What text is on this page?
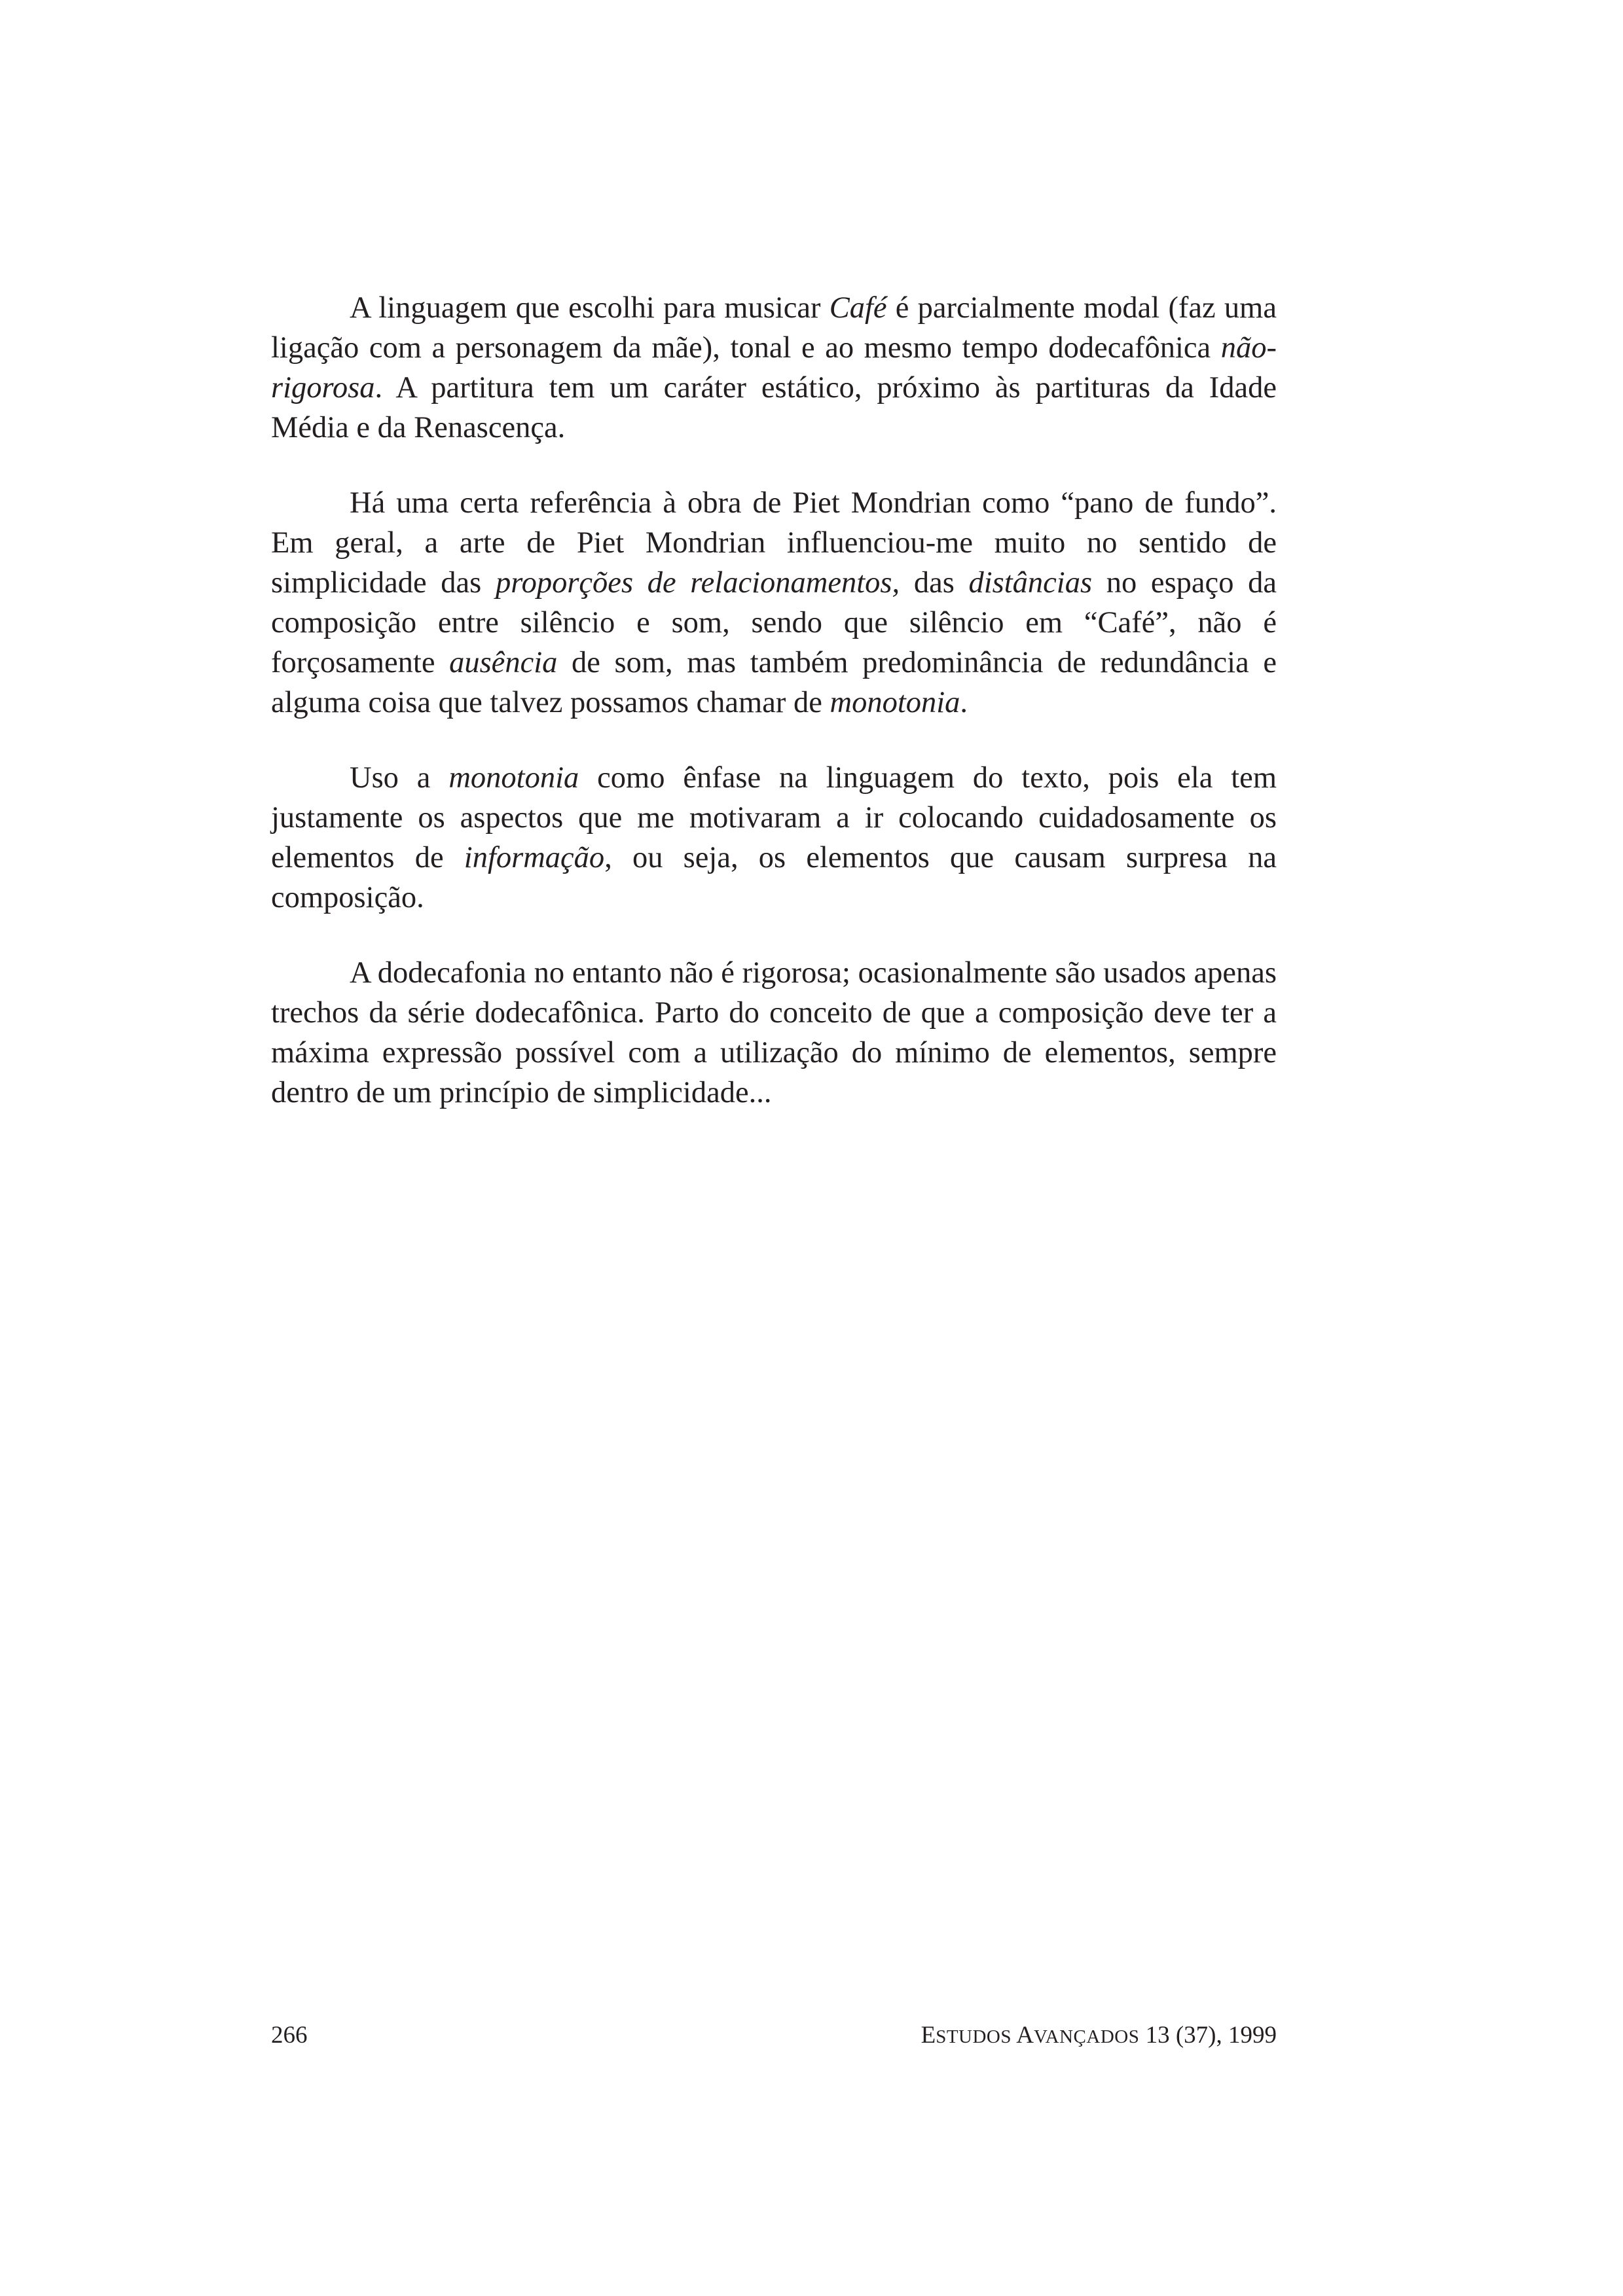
A linguagem que escolhi para musicar Café é parcialmente modal (faz uma ligação com a personagem da mãe), tonal e ao mesmo tempo dodecafônica não-rigorosa. A partitura tem um caráter estático, próximo às partituras da Idade Média e da Renascença.

Há uma certa referência à obra de Piet Mondrian como “pano de fundo”. Em geral, a arte de Piet Mondrian influenciou-me muito no sentido de simplicidade das proporções de relacionamentos, das distâncias no espaço da composição entre silêncio e som, sendo que silêncio em “Café”, não é forçosamente ausência de som, mas também predominância de redundância e alguma coisa que talvez possamos chamar de monotonia.

Uso a monotonia como ênfase na linguagem do texto, pois ela tem justamente os aspectos que me motivaram a ir colocando cuidadosamente os elementos de informação, ou seja, os elementos que causam surpresa na composição.

A dodecafonia no entanto não é rigorosa; ocasionalmente são usados apenas trechos da série dodecafônica. Parto do conceito de que a composição deve ter a máxima expressão possível com a utilização do mínimo de elementos, sempre dentro de um princípio de simplicidade...

266	ESTUDOS AVANÇADOS 13 (37), 1999
